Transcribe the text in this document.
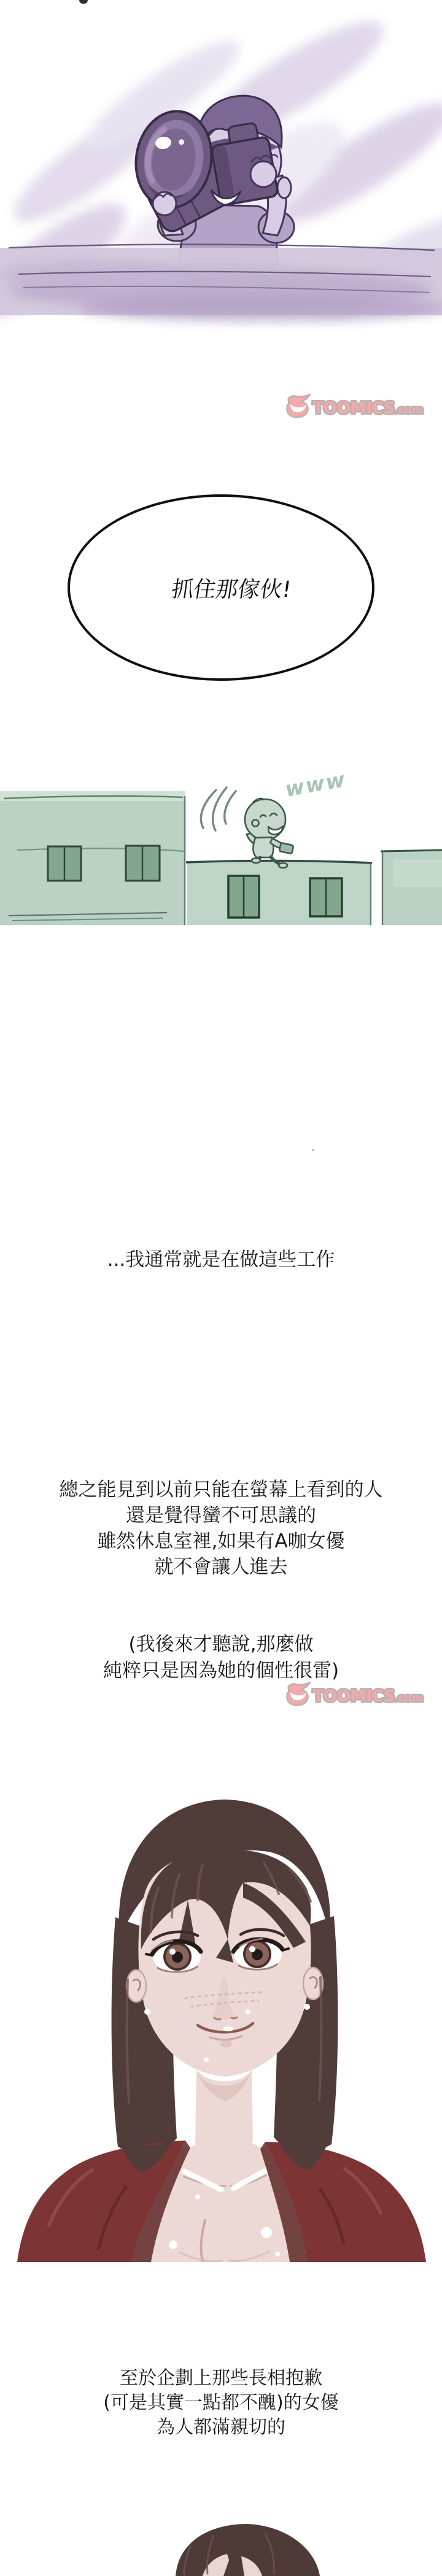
TOOMICS
.com
抓住那傢伙!
www
...我通常就是在做這些工作
總之能見到以前只能在螢幕上看到的人
還是覺得蠻不可思議的
雖然休息室裡,如果有A咖女優
就不會讓人進去
(我後來才聽說,那麼做
純粹只是因為她的個性很雷)
TOOMICS
.com
至於企劃上那些長相抱歉
(可是其實一點都不醜)的女優
為人都滿親切的
